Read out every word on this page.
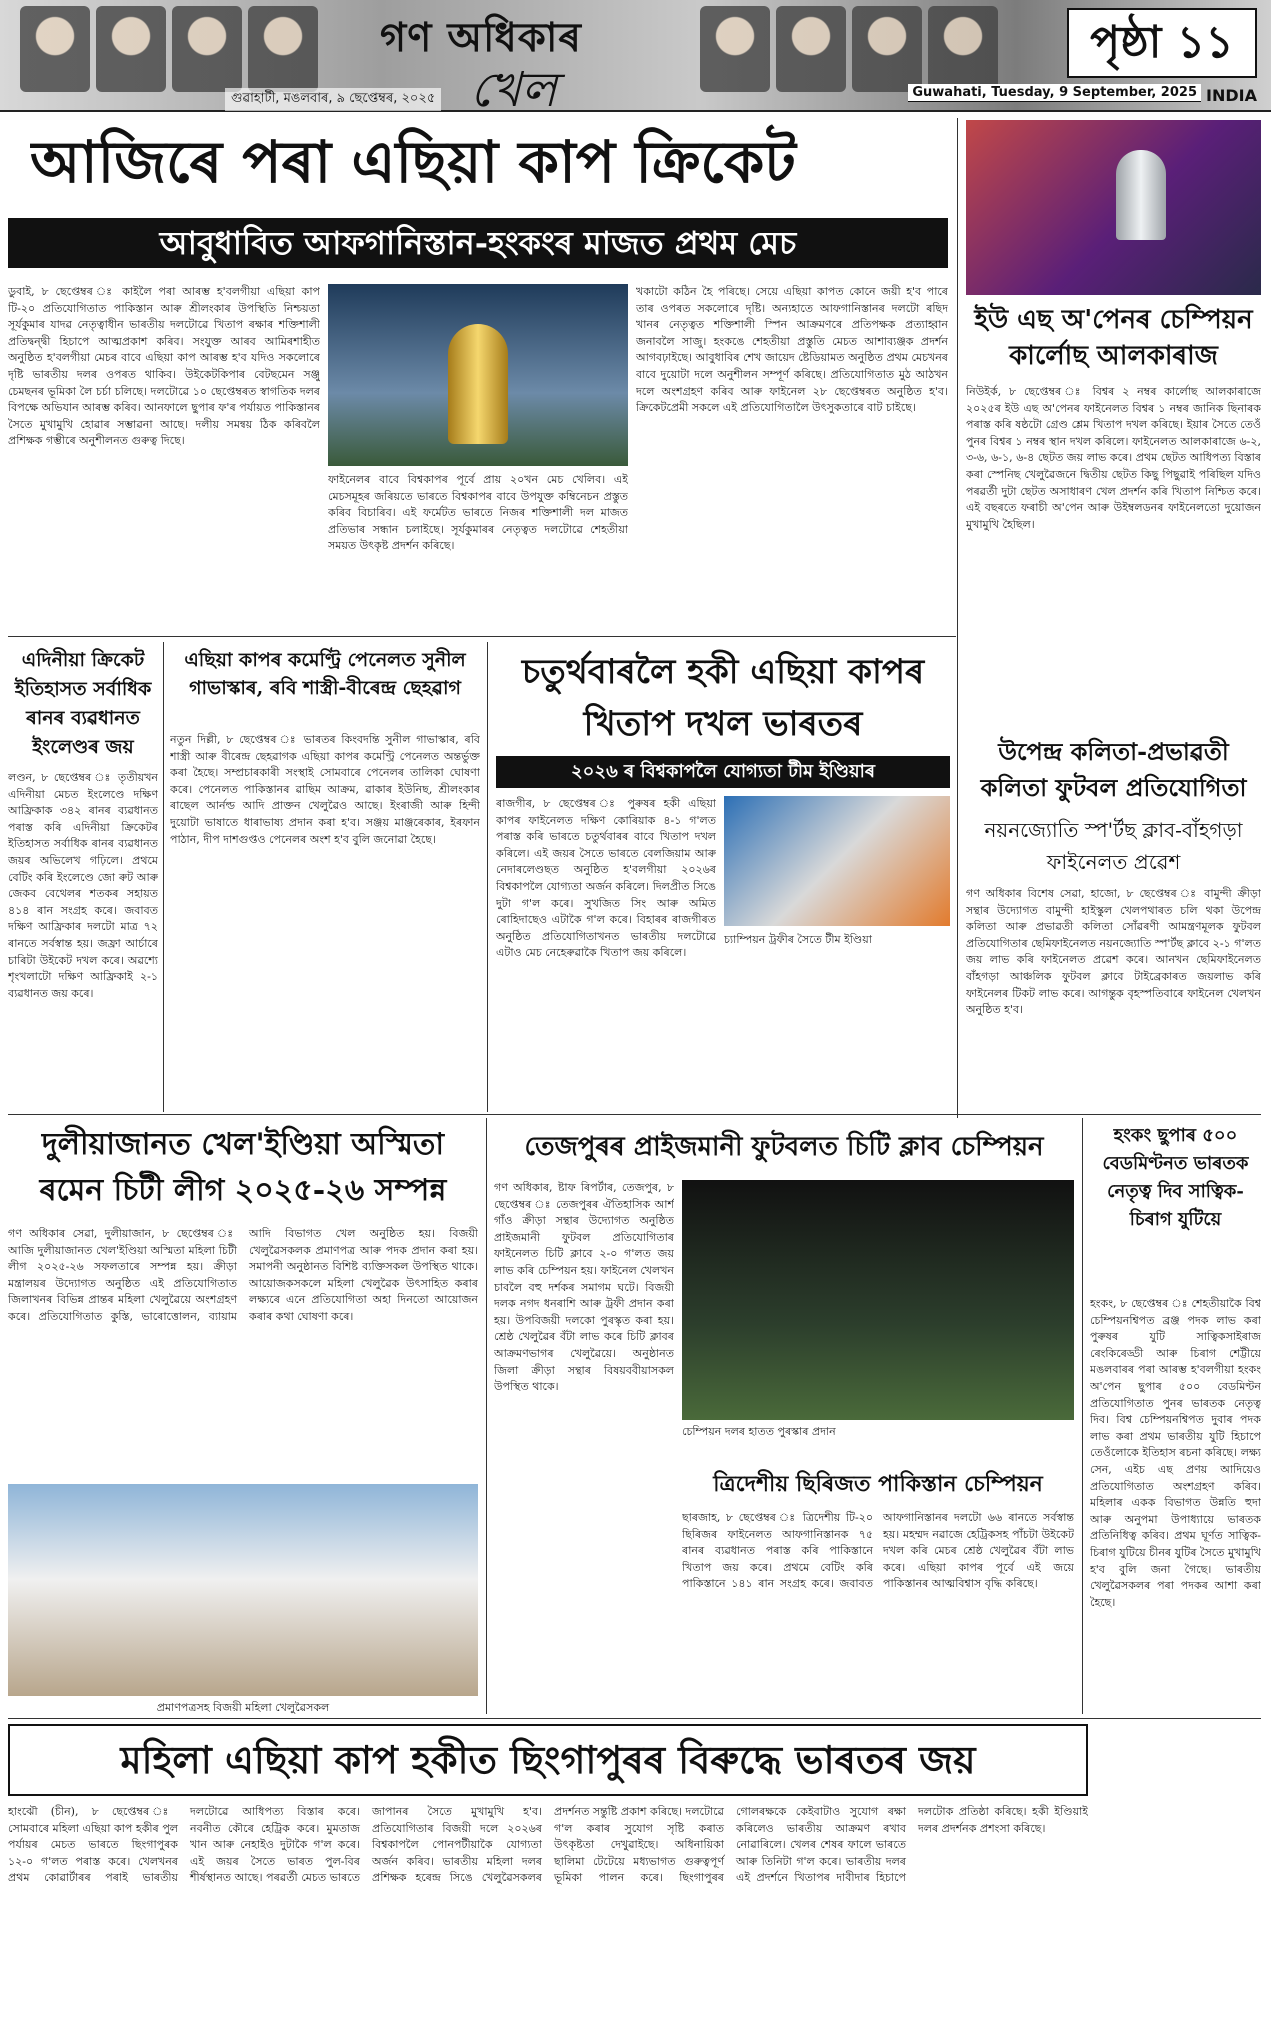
গণ অধিকাৰ
খেল
গুৱাহাটী, মঙলবাৰ, ৯ ছেপ্তেম্বৰ, ২০২৫
পৃষ্ঠা ১১
Guwahati, Tuesday, 9 September, 2025 INDIA
আজিৰে পৰা এছিয়া কাপ ক্ৰিকেট
আবুধাবিত আফগানিস্তান-হংকংৰ মাজত প্ৰথম মেচ
ডুবাই, ৮ ছেপ্তেম্বৰ ঃ কাইলৈ পৰা আৰম্ভ হ'বলগীয়া এছিয়া কাপ টি-২০ প্ৰতিযোগিতাত পাকিস্তান আৰু শ্ৰীলংকাৰ উপস্থিতি নিশ্চয়তা সূৰ্যকুমাৰ যাদৱ নেতৃত্বাধীন ভাৰতীয় দলটোৱে খিতাপ ৰক্ষাৰ শক্তিশালী প্ৰতিদ্বন্দ্বী হিচাপে আত্মপ্ৰকাশ কৰিব। সংযুক্ত আৰব আমিৰশাহীত অনুষ্ঠিত হ'বলগীয়া মেচৰ বাবে এছিয়া কাপ আৰম্ভ হ'ব যদিও সকলোৰে দৃষ্টি ভাৰতীয় দলৰ ওপৰত থাকিব। উইকেটকিপাৰ বেটছমেন সঞ্জু চেমছনৰ ভূমিকা লৈ চৰ্চা চলিছে। দলটোৱে ১০ ছেপ্তেম্বৰত স্বাগতিক দলৰ বিপক্ষে অভিযান আৰম্ভ কৰিব। আনফালে ছুপাৰ ফ'ৰ পৰ্যায়ত পাকিস্তানৰ সৈতে মুখামুখি হোৱাৰ সম্ভাৱনা আছে। দলীয় সমন্বয় ঠিক কৰিবলৈ প্ৰশিক্ষক গম্ভীৰে অনুশীলনত গুৰুত্ব দিছে।
ফাইনেলৰ বাবে বিশ্বকাপৰ পূৰ্বে প্ৰায় ২০খন মেচ খেলিব। এই মেচসমূহৰ জৰিয়তে ভাৰতে বিশ্বকাপৰ বাবে উপযুক্ত কম্বিনেচন প্ৰস্তুত কৰিব বিচাৰিব। এই ফৰ্মেটত ভাৰতে নিজৰ শক্তিশালী দল মাজত প্ৰতিভাৰ সন্ধান চলাইছে। সূৰ্যকুমাৰৰ নেতৃত্বত দলটোৱে শেহতীয়া সময়ত উৎকৃষ্ট প্ৰদৰ্শন কৰিছে।
খকাটো কঠিন হৈ পৰিছে। সেয়ে এছিয়া কাপত কোনে জয়ী হ'ব পাৰে তাৰ ওপৰত সকলোৰে দৃষ্টি। অন্যহাতে আফগানিস্তানৰ দলটো ৰছিদ খানৰ নেতৃত্বত শক্তিশালী স্পিন আক্ৰমণৰে প্ৰতিপক্ষক প্ৰত্যাহ্বান জনাবলৈ সাজু। হংকঙে শেহতীয়া প্ৰস্তুতি মেচত আশাব্যঞ্জক প্ৰদৰ্শন আগবঢ়াইছে। আবুধাবিৰ শেখ জায়েদ ষ্টেডিয়ামত অনুষ্ঠিত প্ৰথম মেচখনৰ বাবে দুয়োটা দলে অনুশীলন সম্পূৰ্ণ কৰিছে। প্ৰতিযোগিতাত মুঠ আঠখন দলে অংশগ্ৰহণ কৰিব আৰু ফাইনেল ২৮ ছেপ্তেম্বৰত অনুষ্ঠিত হ'ব। ক্ৰিকেটপ্ৰেমী সকলে এই প্ৰতিযোগিতালৈ উৎসুকতাৰে বাট চাইছে।
ইউ এছ অ'পেনৰ চেম্পিয়ন কাৰ্লোছ আলকাৰাজ
নিউইৰ্ক, ৮ ছেপ্তেম্বৰ ঃ বিশ্বৰ ২ নম্বৰ কাৰ্লোছ আলকাৰাজে ২০২৫ৰ ইউ এছ অ'পেনৰ ফাইনেলত বিশ্বৰ ১ নম্বৰ জানিক ছিনাৰক পৰাস্ত কৰি ষষ্ঠটো গ্ৰেণ্ড শ্লেম খিতাপ দখল কৰিছে। ইয়াৰ সৈতে তেওঁ পুনৰ বিশ্বৰ ১ নম্বৰ স্থান দখল কৰিলে। ফাইনেলত আলকাৰাজে ৬-২, ৩-৬, ৬-১, ৬-৪ ছেটত জয় লাভ কৰে। প্ৰথম ছেটত আধিপত্য বিস্তাৰ কৰা স্পেনিছ খেলুৱৈজনে দ্বিতীয় ছেটত কিছু পিছুৱাই পৰিছিল যদিও পৰৱৰ্তী দুটা ছেটত অসাধাৰণ খেল প্ৰদৰ্শন কৰি খিতাপ নিশ্চিত কৰে। এই বছৰতে ফৰাচী অ'পেন আৰু উইম্বলডনৰ ফাইনেলতো দুয়োজন মুখামুখি হৈছিল।
উপেন্দ্ৰ কলিতা-প্ৰভাৱতী কলিতা ফুটবল প্ৰতিযোগিতা
নয়নজ্যোতি স্প'ৰ্টছ ক্লাব-বাঁহগড়া ফাইনেলত প্ৰৱেশ
গণ অধিকাৰ বিশেষ সেৱা, হাজো, ৮ ছেপ্তেম্বৰ ঃ বামুন্দী ক্ৰীড়া সন্থাৰ উদ্যোগত বামুন্দী হাইস্কুল খেলপথাৰত চলি থকা উপেন্দ্ৰ কলিতা আৰু প্ৰভাৱতী কলিতা সোঁৱৰণী আমন্ত্ৰণমূলক ফুটবল প্ৰতিযোগিতাৰ ছেমিফাইনেলত নয়নজ্যোতি স্প'ৰ্টছ ক্লাবে ২-১ গ'লত জয় লাভ কৰি ফাইনেলত প্ৰৱেশ কৰে। আনখন ছেমিফাইনেলত বাঁহগড়া আঞ্চলিক ফুটবল ক্লাবে টাইব্ৰেকাৰত জয়লাভ কৰি ফাইনেলৰ টিকট লাভ কৰে। আগন্তুক বৃহস্পতিবাৰে ফাইনেল খেলখন অনুষ্ঠিত হ'ব।
এদিনীয়া ক্ৰিকেট ইতিহাসত সৰ্বাধিক ৰানৰ ব্যৱধানত ইংলেণ্ডৰ জয়
লণ্ডন, ৮ ছেপ্তেম্বৰ ঃ তৃতীয়খন এদিনীয়া মেচত ইংলেণ্ডে দক্ষিণ আফ্ৰিকাক ৩৪২ ৰানৰ ব্যৱধানত পৰাস্ত কৰি এদিনীয়া ক্ৰিকেটৰ ইতিহাসত সৰ্বাধিক ৰানৰ ব্যৱধানত জয়ৰ অভিলেখ গঢ়িলে। প্ৰথমে বেটিং কৰি ইংলেণ্ডে জো ৰুট আৰু জেকব বেথেলৰ শতকৰ সহায়ত ৪১৪ ৰান সংগ্ৰহ কৰে। জবাবত দক্ষিণ আফ্ৰিকাৰ দলটো মাত্ৰ ৭২ ৰানতে সৰ্বস্বান্ত হয়। জফ্ৰা আৰ্চাৰে চাৰিটা উইকেট দখল কৰে। অৱশ্যে শৃংখলাটো দক্ষিণ আফ্ৰিকাই ২-১ ব্যৱধানত জয় কৰে।
এছিয়া কাপৰ কমেণ্ট্ৰি পেনেলত সুনীল গাভাস্কাৰ, ৰবি শাস্ত্ৰী-বীৰেন্দ্ৰ ছেহৱাগ
নতুন দিল্লী, ৮ ছেপ্তেম্বৰ ঃ ভাৰতৰ কিংবদন্তি সুনীল গাভাস্কাৰ, ৰবি শাস্ত্ৰী আৰু বীৰেন্দ্ৰ ছেহৱাগক এছিয়া কাপৰ কমেণ্ট্ৰি পেনেলত অন্তৰ্ভুক্ত কৰা হৈছে। সম্প্ৰচাৰকাৰী সংস্থাই সোমবাৰে পেনেলৰ তালিকা ঘোষণা কৰে। পেনেলত পাকিস্তানৰ ৱাছিম আক্ৰম, ৱাকাৰ ইউনিছ, শ্ৰীলংকাৰ ৰাছেল আৰ্নল্ড আদি প্ৰাক্তন খেলুৱৈও আছে। ইংৰাজী আৰু হিন্দী দুয়োটা ভাষাতে ধাৰাভাষ্য প্ৰদান কৰা হ'ব। সঞ্জয় মাঞ্জৰেকাৰ, ইৰফান পাঠান, দীপ দাশগুপ্তও পেনেলৰ অংশ হ'ব বুলি জনোৱা হৈছে।
চতুৰ্থবাৰলৈ হকী এছিয়া কাপৰ খিতাপ দখল ভাৰতৰ
২০২৬ ৰ বিশ্বকাপলৈ যোগ্যতা টীম ইণ্ডিয়াৰ
ৰাজগীৰ, ৮ ছেপ্তেম্বৰ ঃ পুৰুষৰ হকী এছিয়া কাপৰ ফাইনেলত দক্ষিণ কোৰিয়াক ৪-১ গ'লত পৰাস্ত কৰি ভাৰতে চতুৰ্থবাৰৰ বাবে খিতাপ দখল কৰিলে। এই জয়ৰ সৈতে ভাৰতে বেলজিয়াম আৰু নেদাৰলেণ্ডছত অনুষ্ঠিত হ'বলগীয়া ২০২৬ৰ বিশ্বকাপলৈ যোগ্যতা অৰ্জন কৰিলে। দিলপ্ৰীত সিঙে দুটা গ'ল কৰে। সুখজিত সিং আৰু অমিত ৰোহিদাছেও এটাকৈ গ'ল কৰে। বিহাৰৰ ৰাজগীৰত অনুষ্ঠিত প্ৰতিযোগিতাখনত ভাৰতীয় দলটোৱে এটাও মেচ নেহেৰুৱাকৈ খিতাপ জয় কৰিলে।
চ্যাম্পিয়ন ট্ৰফীৰ সৈতে টীম ইণ্ডিয়া
দুলীয়াজানত খেল'ইণ্ডিয়া অস্মিতা ৰমেন চিটী লীগ ২০২৫-২৬ সম্পন্ন
গণ অধিকাৰ সেৱা, দুলীয়াজান, ৮ ছেপ্তেম্বৰ ঃ আজি দুলীয়াজানত খেল'ইণ্ডিয়া অস্মিতা মহিলা চিটী লীগ ২০২৫-২৬ সফলতাৰে সম্পন্ন হয়। ক্ৰীড়া মন্ত্ৰালয়ৰ উদ্যোগত অনুষ্ঠিত এই প্ৰতিযোগিতাত জিলাখনৰ বিভিন্ন প্ৰান্তৰ মহিলা খেলুৱৈয়ে অংশগ্ৰহণ কৰে। প্ৰতিযোগিতাত কুস্তি, ভাৰোত্তোলন, ব্যায়াম আদি বিভাগত খেল অনুষ্ঠিত হয়। বিজয়ী খেলুৱৈসকলক প্ৰমাণপত্ৰ আৰু পদক প্ৰদান কৰা হয়। সমাপনী অনুষ্ঠানত বিশিষ্ট ব্যক্তিসকল উপস্থিত থাকে। আয়োজকসকলে মহিলা খেলুৱৈক উৎসাহিত কৰাৰ লক্ষ্যৰে এনে প্ৰতিযোগিতা অহা দিনতো আয়োজন কৰাৰ কথা ঘোষণা কৰে।
প্ৰমাণপত্ৰসহ বিজয়ী মহিলা খেলুৱৈসকল
তেজপুৰৰ প্ৰাইজমানী ফুটবলত চিটি ক্লাব চেম্পিয়ন
গণ অধিকাৰ, ষ্টাফ ৰিপৰ্টাৰ, তেজপুৰ, ৮ ছেপ্তেম্বৰ ঃ তেজপুৰৰ ঐতিহাসিক আৰ্শ গাঁও ক্ৰীড়া সন্থাৰ উদ্যোগত অনুষ্ঠিত প্ৰাইজমানী ফুটবল প্ৰতিযোগিতাৰ ফাইনেলত চিটি ক্লাবে ২-০ গ'লত জয় লাভ কৰি চেম্পিয়ন হয়। ফাইনেল খেলখন চাবলৈ বহু দৰ্শকৰ সমাগম ঘটে। বিজয়ী দলক নগদ ধনৰাশি আৰু ট্ৰফী প্ৰদান কৰা হয়। উপবিজয়ী দলকো পুৰস্কৃত কৰা হয়। শ্ৰেষ্ঠ খেলুৱৈৰ বঁটা লাভ কৰে চিটি ক্লাবৰ আক্ৰমণভাগৰ খেলুৱৈয়ে। অনুষ্ঠানত জিলা ক্ৰীড়া সন্থাৰ বিষয়ববীয়াসকল উপস্থিত থাকে।
চেম্পিয়ন দলৰ হাতত পুৰস্কাৰ প্ৰদান
ত্ৰিদেশীয় ছিৰিজত পাকিস্তান চেম্পিয়ন
ছাৰজাহ, ৮ ছেপ্তেম্বৰ ঃ ত্ৰিদেশীয় টি-২০ ছিৰিজৰ ফাইনেলত আফগানিস্তানক ৭৫ ৰানৰ ব্যৱধানত পৰাস্ত কৰি পাকিস্তানে খিতাপ জয় কৰে। প্ৰথমে বেটিং কৰি পাকিস্তানে ১৪১ ৰান সংগ্ৰহ কৰে। জবাবত আফগানিস্তানৰ দলটো ৬৬ ৰানতে সৰ্বস্বান্ত হয়। মহম্মদ নৱাজে হেট্ৰিকসহ পাঁচটা উইকেট দখল কৰি মেচৰ শ্ৰেষ্ঠ খেলুৱৈৰ বঁটা লাভ কৰে। এছিয়া কাপৰ পূৰ্বে এই জয়ে পাকিস্তানৰ আত্মবিশ্বাস বৃদ্ধি কৰিছে।
হংকং ছুপাৰ ৫০০ বেডমিণ্টনত ভাৰতক নেতৃত্ব দিব সাত্বিক-চিৰাগ যুটিয়ে
হংকং, ৮ ছেপ্তেম্বৰ ঃ শেহতীয়াকৈ বিশ্ব চেম্পিয়নশ্বিপত ব্ৰঞ্জ পদক লাভ কৰা পুৰুষৰ যুটি সাত্বিকসাইৰাজ ৰেংকিৰেড্ডী আৰু চিৰাগ শেট্টীয়ে মঙলবাৰৰ পৰা আৰম্ভ হ'বলগীয়া হংকং অ'পেন ছুপাৰ ৫০০ বেডমিণ্টন প্ৰতিযোগিতাত পুনৰ ভাৰতক নেতৃত্ব দিব। বিশ্ব চেম্পিয়নশ্বিপত দুবাৰ পদক লাভ কৰা প্ৰথম ভাৰতীয় যুটি হিচাপে তেওঁলোকে ইতিহাস ৰচনা কৰিছে। লক্ষ্য সেন, এইচ এছ প্ৰণয় আদিয়েও প্ৰতিযোগিতাত অংশগ্ৰহণ কৰিব। মহিলাৰ একক বিভাগত উন্নতি হুদা আৰু অনুপমা উপাধ্যায়ে ভাৰতক প্ৰতিনিধিত্ব কৰিব। প্ৰথম ঘূৰ্ণত সাত্বিক-চিৰাগ যুটিয়ে চীনৰ যুটিৰ সৈতে মুখামুখি হ'ব বুলি জনা গৈছে। ভাৰতীয় খেলুৱৈসকলৰ পৰা পদকৰ আশা কৰা হৈছে।
মহিলা এছিয়া কাপ হকীত ছিংগাপুৰৰ বিৰুদ্ধে ভাৰতৰ জয়
হাংঝৌ (চীন), ৮ ছেপ্তেম্বৰ ঃ সোমবাৰে মহিলা এছিয়া কাপ হকীৰ পুল পৰ্যায়ৰ মেচত ভাৰতে ছিংগাপুৰক ১২-০ গ'লত পৰাস্ত কৰে। খেলখনৰ প্ৰথম কোৱাৰ্টাৰৰ পৰাই ভাৰতীয় দলটোৱে আধিপত্য বিস্তাৰ কৰে। নবনীত কৌৰে হেট্ৰিক কৰে। মুমতাজ খান আৰু নেহাইও দুটাকৈ গ'ল কৰে। এই জয়ৰ সৈতে ভাৰত পুল-বিৰ শীৰ্ষস্থানত আছে। পৰৱৰ্তী মেচত ভাৰতে জাপানৰ সৈতে মুখামুখি হ'ব। প্ৰতিযোগিতাৰ বিজয়ী দলে ২০২৬ৰ বিশ্বকাপলৈ পোনপটীয়াকৈ যোগ্যতা অৰ্জন কৰিব। ভাৰতীয় মহিলা দলৰ প্ৰশিক্ষক হৰেন্দ্ৰ সিঙে খেলুৱৈসকলৰ প্ৰদৰ্শনত সন্তুষ্টি প্ৰকাশ কৰিছে। দলটোৱে গ'ল কৰাৰ সুযোগ সৃষ্টি কৰাত উৎকৃষ্টতা দেখুৱাইছে। অধিনায়িকা ছালিমা টেটেয়ে মধ্যভাগত গুৰুত্বপূৰ্ণ ভূমিকা পালন কৰে। ছিংগাপুৰৰ গোলৰক্ষকে কেইবাটাও সুযোগ ৰক্ষা কৰিলেও ভাৰতীয় আক্ৰমণ ৰখাব নোৱাৰিলে। খেলৰ শেষৰ ফালে ভাৰতে আৰু তিনিটা গ'ল কৰে। ভাৰতীয় দলৰ এই প্ৰদৰ্শনে খিতাপৰ দাবীদাৰ হিচাপে দলটোক প্ৰতিষ্ঠা কৰিছে। হকী ইণ্ডিয়াই দলৰ প্ৰদৰ্শনক প্ৰশংসা কৰিছে।
